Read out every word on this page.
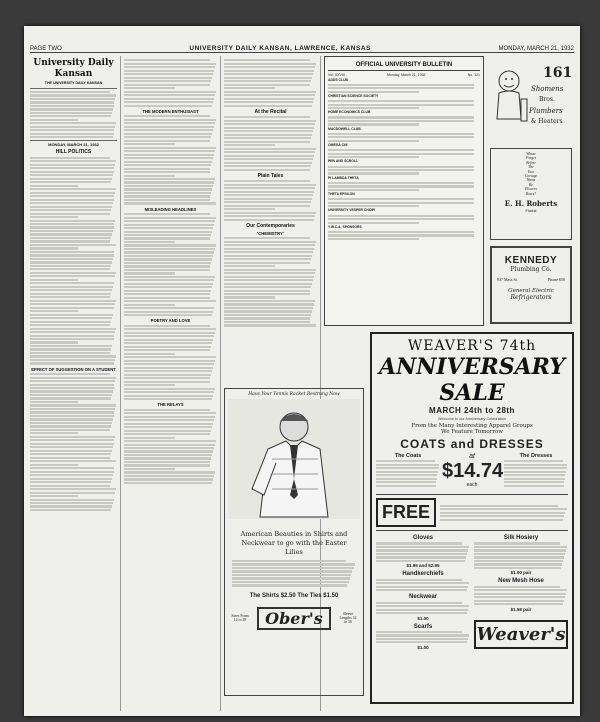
PAGE TWO	UNIVERSITY DAILY KANSAN, LAWRENCE, KANSAS	MONDAY, MARCH 21, 1932
University Daily Kansan
THE UNIVERSITY DAILY KANSAN
MONDAY, MARCH 21, 1932
HILL POLITICS
EFFECT OF SUGGESTION ON A STUDENT
THE MODERN ENTHUSIAST
MISLEADING HEADLINES
POETRY AND LOVE
THE RELAYS
At the Recital
Plain Tales
Our Contemporaries
'CHEMISTRY'
OFFICIAL UNIVERSITY BULLETIN
Vol. XXVIII	Monday, March 21, 1932	No. 121
ADDS CLUB
CHRISTIAN SCIENCE SOCIETY
HOME ECONOMICS CLUB
MACDOWELL CLUB
OMEGA CHI
PEN AND SCROLL
PI LAMBDA THETA
THETA EPSILON
UNIVERSITY VESPER CHOIR
Y.W.C.A. SPONSORS
161
Shomens
Bros.
Plumbers
& Heaters
Whose
Forget
Before
The
Your
Corsage
Wants
Be
Flowers
Roses?
E. H. Roberts
Florist
KENNEDY
Plumbing Co.
937 Mass St.	Phone 658
General Electric
Refrigerators
Have Your Tennis Racket Restrung Now
American Beauties in Shirts and Neckwear to go with the Easter Lilies
The Shirts $2.50 The Ties $1.50
Sizes From 14 to 18	Ober's	Sleeve Lengths 32 to 36
WEAVER'S 74th
ANNIVERSARY SALE
MARCH 24th to 28th
Welcome to our Anniversary Celebration
From the Many Interesting Apparel Groups
We Feature Tomorrow
COATS and DRESSES
The Coats	at
$14.74
each
The Dresses
FREE
Gloves
$1.95 and $2.95
Handkerchiefs
Neckwear
$1.00
Scarfs
$1.00
Silk Hosiery
$1.00 pair
New Mesh Hose
$1.58 pair
Weaver's
